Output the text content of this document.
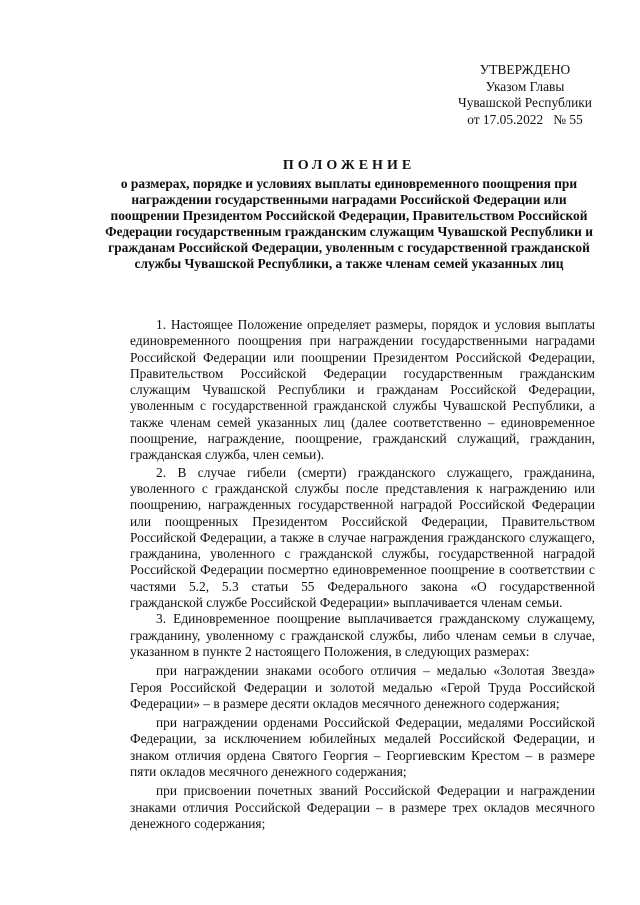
УТВЕРЖДЕНО
Указом Главы
Чувашской Республики
от 17.05.2022   № 55
ПОЛОЖЕНИЕ
о размерах, порядке и условиях выплаты единовременного поощрения при награждении государственными наградами Российской Федерации или поощрении Президентом Российской Федерации, Правительством Российской Федерации государственным гражданским служащим Чувашской Республики и гражданам Российской Федерации, уволенным с государственной гражданской службы Чувашской Республики, а также членам семей указанных лиц

1. Настоящее Положение определяет размеры, порядок и условия выплаты единовременного поощрения при награждении государственными наградами Российской Федерации или поощрении Президентом Российской Федерации, Правительством Российской Федерации государственным гражданским служащим Чувашской Республики и гражданам Российской Федерации, уволенным с государственной гражданской службы Чувашской Республики, а также членам семей указанных лиц (далее соответственно – единовременное поощрение, награждение, поощрение, гражданский служащий, гражданин, гражданская служба, член семьи).

2. В случае гибели (смерти) гражданского служащего, гражданина, уволенного с гражданской службы после представления к награждению или поощрению, награжденных государственной наградой Российской Федерации или поощренных Президентом Российской Федерации, Правительством Российской Федерации, а также в случае награждения гражданского служащего, гражданина, уволенного с гражданской службы, государственной наградой Российской Федерации посмертно единовременное поощрение в соответствии с частями 5.2, 5.3 статьи 55 Федерального закона «О государственной гражданской службе Российской Федерации» выплачивается членам семьи.

3. Единовременное поощрение выплачивается гражданскому служащему, гражданину, уволенному с гражданской службы, либо членам семьи в случае, указанном в пункте 2 настоящего Положения, в следующих размерах:

при награждении знаками особого отличия – медалью «Золотая Звезда» Героя Российской Федерации и золотой медалью «Герой Труда Российской Федерации» – в размере десяти окладов месячного денежного содержания;

при награждении орденами Российской Федерации, медалями Российской Федерации, за исключением юбилейных медалей Российской Федерации, и знаком отличия ордена Святого Георгия – Георгиевским Крестом – в размере пяти окладов месячного денежного содержания;

при присвоении почетных званий Российской Федерации и награждении знаками отличия Российской Федерации – в размере трех окладов месячного денежного содержания;
